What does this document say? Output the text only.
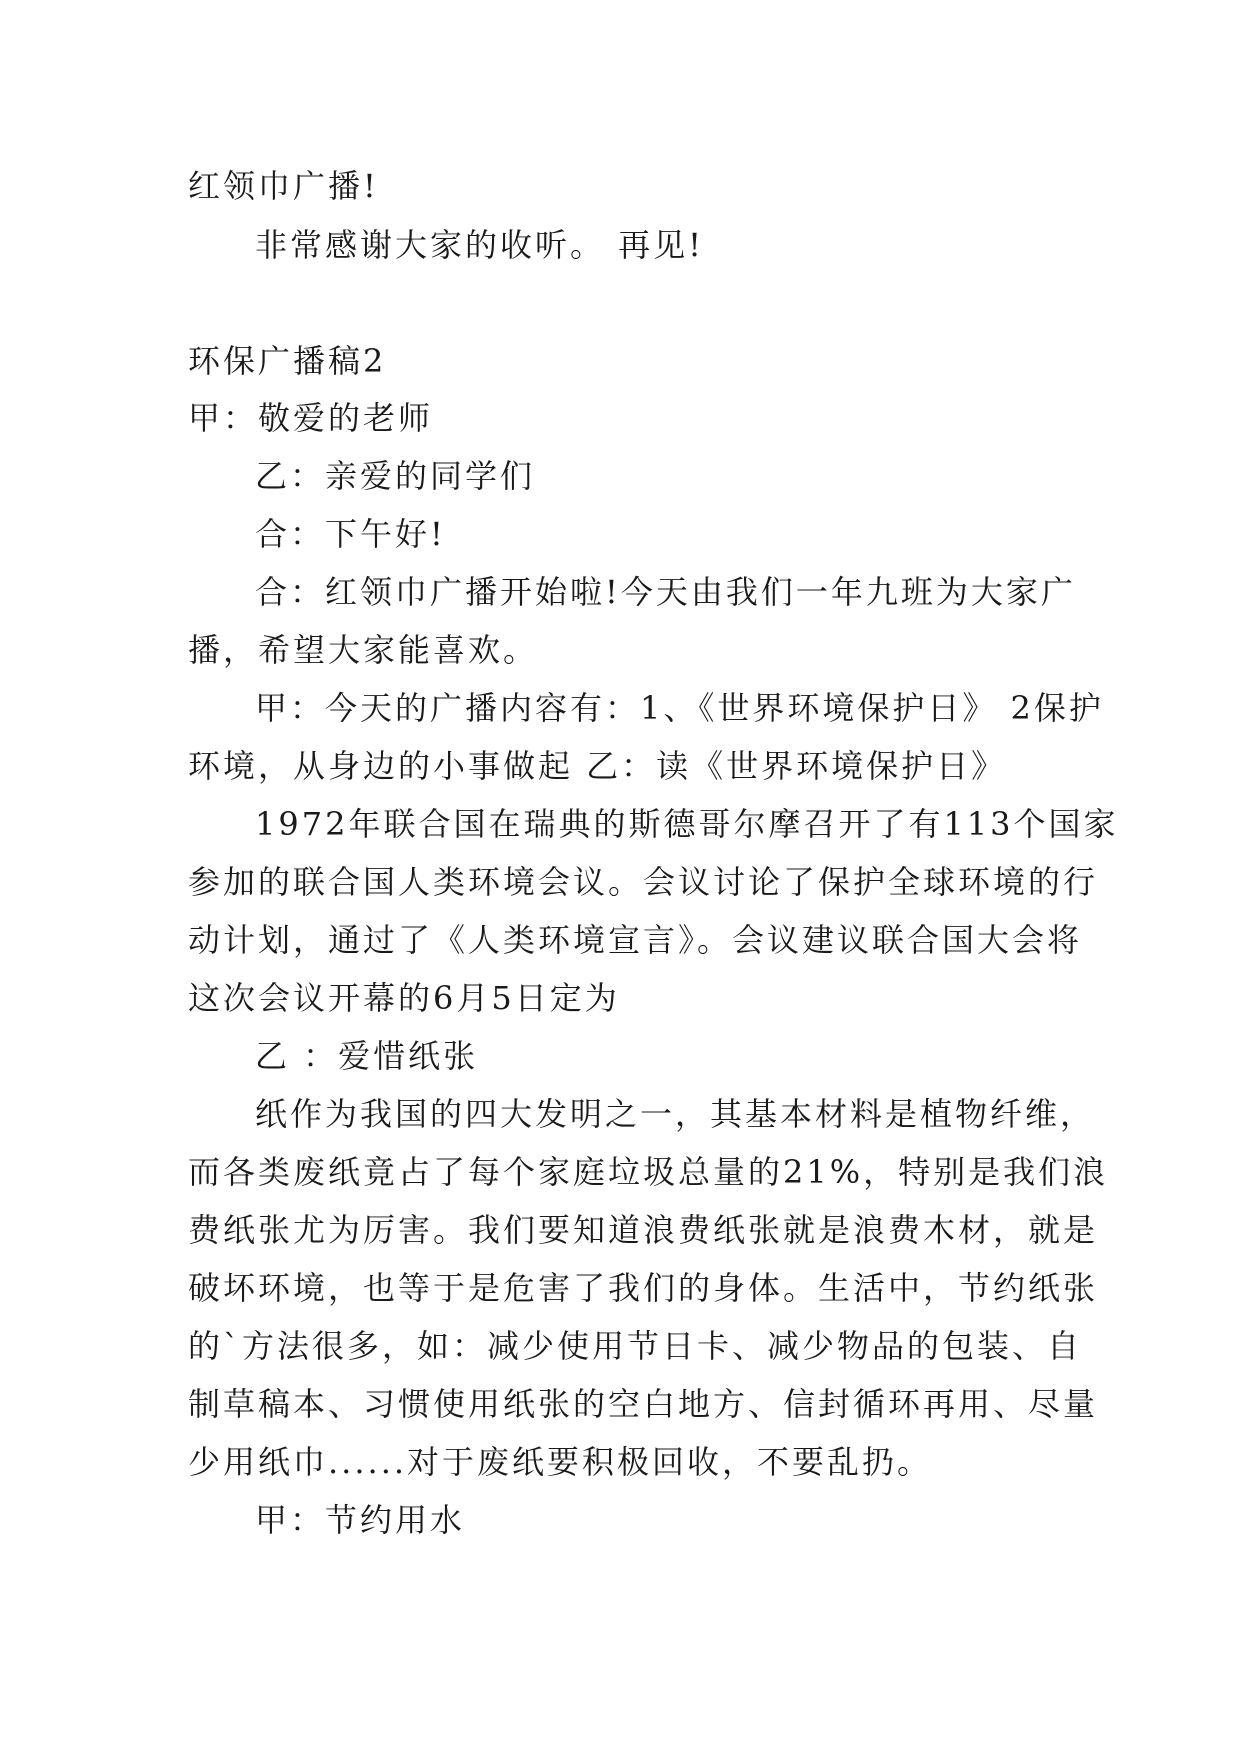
红领巾广播!
非常感谢大家的收听。 再见!
环保广播稿2
甲：敬爱的老师
乙：亲爱的同学们
合：下午好!
合：红领巾广播开始啦!今天由我们一年九班为大家广
播，希望大家能喜欢。
甲：今天的广播内容有：1、《世界环境保护日》 2保护
环境，从身边的小事做起 乙：读《世界环境保护日》
1972年联合国在瑞典的斯德哥尔摩召开了有113个国家
参加的联合国人类环境会议。会议讨论了保护全球环境的行
动计划，通过了《人类环境宣言》。会议建议联合国大会将
这次会议开幕的6月5日定为
乙 ：爱惜纸张
纸作为我国的四大发明之一，其基本材料是植物纤维，
而各类废纸竟占了每个家庭垃圾总量的21%，特别是我们浪
费纸张尤为厉害。我们要知道浪费纸张就是浪费木材，就是
破坏环境，也等于是危害了我们的身体。生活中，节约纸张
的`方法很多，如：减少使用节日卡、减少物品的包装、自
制草稿本、习惯使用纸张的空白地方、信封循环再用、尽量
少用纸巾......对于废纸要积极回收，不要乱扔。
甲：节约用水
